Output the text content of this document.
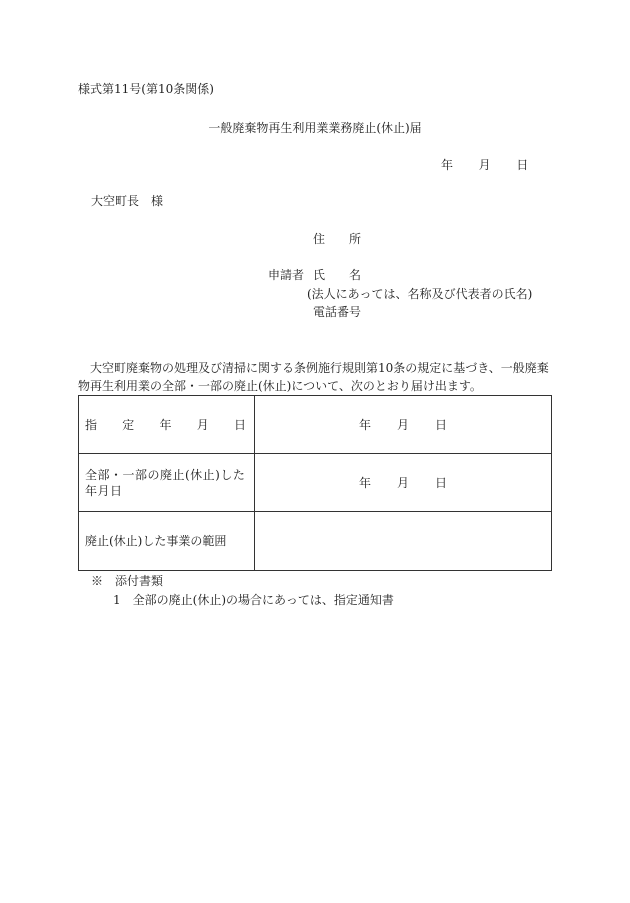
様式第11号(第10条関係)
一般廃棄物再生利用業業務廃止(休止)届
年 月 日
大空町長　様
住　　所
申請者 氏　　名
(法人にあっては、名称及び代表者の氏名)
電話番号
大空町廃棄物の処理及び清掃に関する条例施行規則第10条の規定に基づき、一般廃棄
物再生利用業の全部・一部の廃止(休止)について、次のとおり届け出ます。
指 定 年 月 日	年 月 日
全部・一部の廃止(休止)した年月日	年 月 日
廃止(休止)した事業の範囲	
※　添付書類
1　全部の廃止(休止)の場合にあっては、指定通知書
